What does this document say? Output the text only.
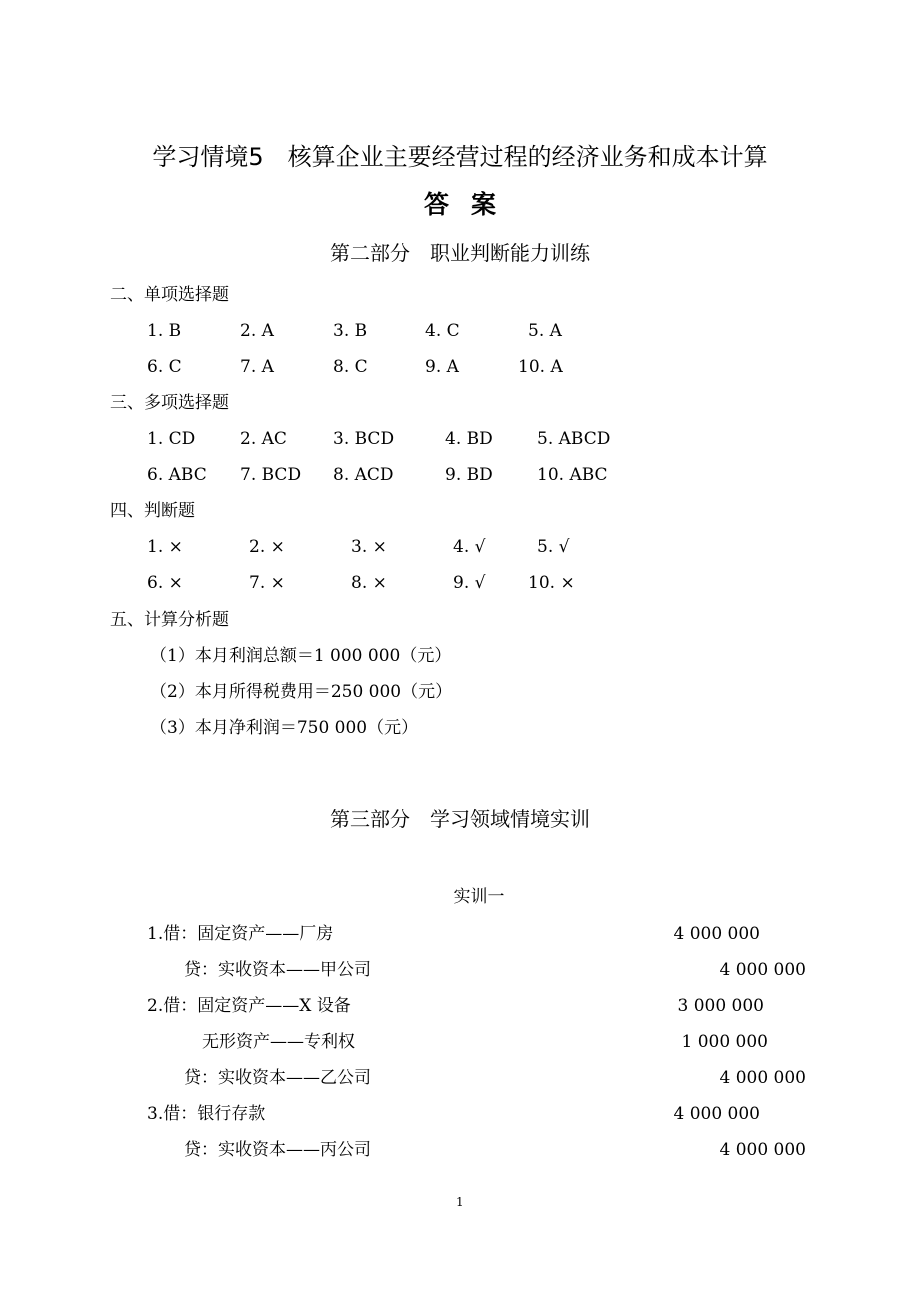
学习情境5　核算企业主要经营过程的经济业务和成本计算
答案
第二部分　职业判断能力训练
二、单项选择题
1. B	2. A	3. B	4. C	5. A
6. C	7. A	8. C	9. A	10. A
三、多项选择题
1. CD	2. AC	3. BCD	4. BD	5. ABCD
6. ABC 7. BCD 8. ACD	9. BD	10. ABC
四、判断题
1. ×	2. ×	3. ×	4. √	5. √
6. ×	7. ×	8. ×	9. √	10. ×
五、计算分析题
（1）本月利润总额＝1 000 000（元）
（2）本月所得税费用＝250 000（元）
（3）本月净利润＝750 000（元）
第三部分　学习领域情境实训
实训一
1.借：固定资产——厂房	4 000 000
贷：实收资本——甲公司	4 000 000
2.借：固定资产——X 设备	3 000 000
无形资产——专利权	1 000 000
贷：实收资本——乙公司	4 000 000
3.借：银行存款	4 000 000
贷：实收资本——丙公司	4 000 000
1
